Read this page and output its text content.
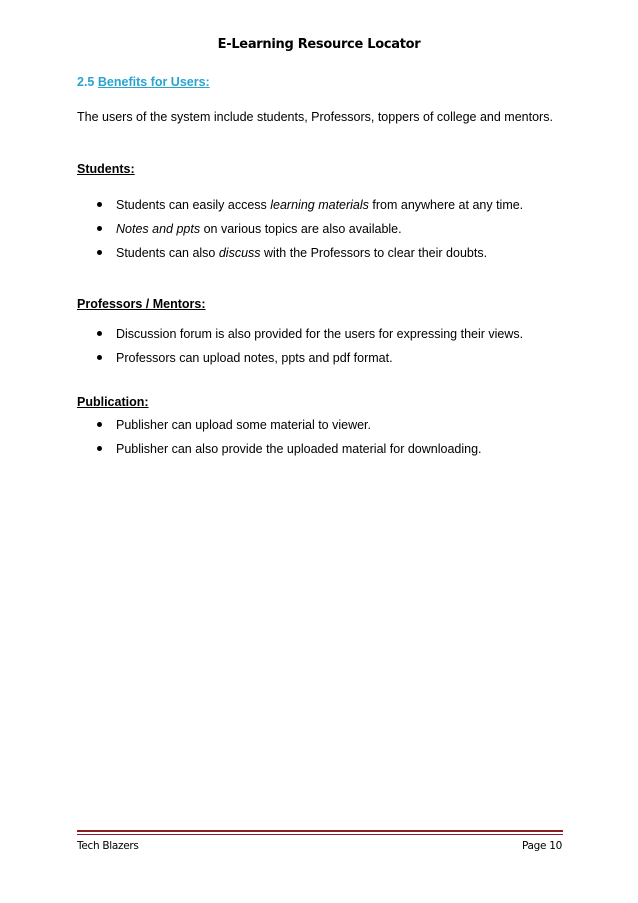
E-Learning Resource Locator
2.5 Benefits for Users:
The users of the system include students, Professors, toppers of college and mentors.
Students:
Students can easily access learning materials from anywhere at any time.
Notes and ppts on various topics are also available.
Students can also discuss with the Professors to clear their doubts.
Professors / Mentors:
Discussion forum is also provided for the users for expressing their views.
Professors can upload notes, ppts and pdf format.
Publication:
Publisher can upload some material to viewer.
Publisher can also provide the uploaded material for downloading.
Tech Blazers	Page 10
